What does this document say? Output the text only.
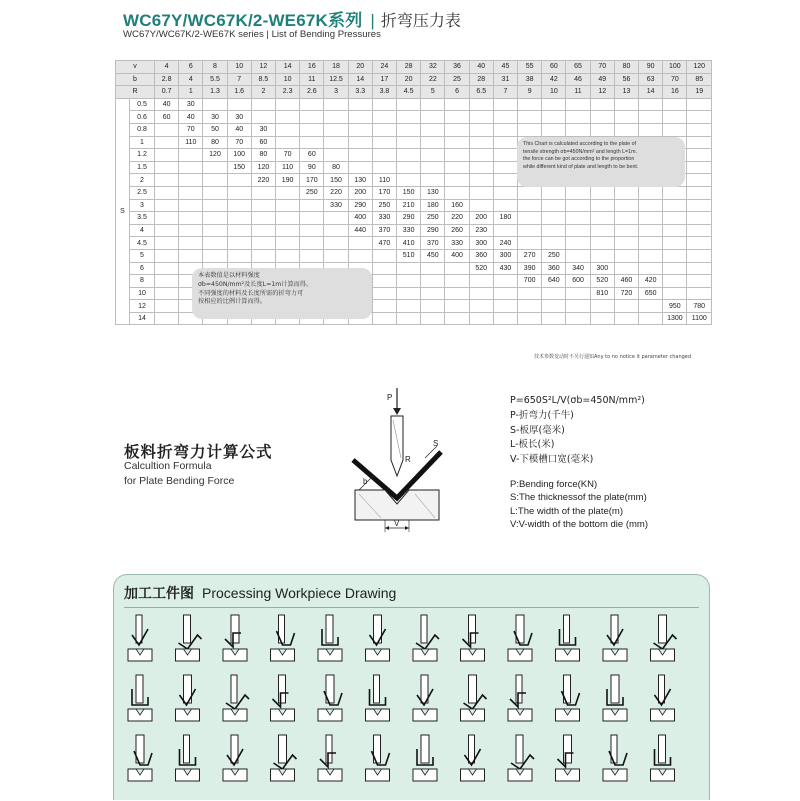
WC67Y/WC67K/2-WE67K系列 | 折弯压力表
WC67Y/WC67K/2-WE67K series | List of Bending Pressures
v		4	6	8	10	12	14	16	18	20	24	28	32	36	40	45	55	60	65	70	80	90	100	120
b		2.8	4	5.5	7	8.5	10	11	12.5	14	17	20	22	25	28	31	38	42	46	49	56	63	70	85
R		0.7	1	1.3	1.6	2	2.3	2.6	3	3.3	3.8	4.5	5	6	6.5	7	9	10	11	12	13	14	16	19
S	0.5	40	30																					
	0.6	60	40	30	30																			
	0.8		70	50	40	30																		
	1		110	80	70	60																		
	1.2			120	100	80	70	60																
	1.5				150	120	110	90	80															
	2					220	190	170	150	130	110													
	2.5							250	220	200	170	150	130											
	3								330	290	250	210	180	160										
	3.5									400	330	290	250	220	200	180								
	4									440	370	330	290	260	230									
	4.5										470	410	370	330	300	240								
	5											510	450	400	360	300	270	250						
	6														520	430	390	360	340	300				
	8																700	640	600	520	460	420		
	10																			810	720	650		
	12																						950	780
	14																						1300	1100
This Chart is calculated according to the plate of
tensile strength σb=450N/mm² and length L=1m.
the force can be got according to the proportion
while different kind of plate and length to be bent.
本表数值是以材料强度
σb=450N/mm²及长度L=1m计算而得。
不同强度的材料及长度所需的折弯力可
按相应的比例计算而得。
技术参数变动时不另行通知Any to no notice it parameter changed
板料折弯力计算公式
Calcultion Formula
for Plate Bending Force
P
R
S
b
V
P=650S²L/V(σb=450N/mm²)
P-折弯力(千牛)
S-板厚(毫米)
L-板长(米)
V-下模槽口宽(毫米)
P:Bending force(KN)
S:The thicknessof the plate(mm)
L:The width of the plate(m)
V:V-width of the bottom die (mm)
加工工件图 Processing Workpiece Drawing
